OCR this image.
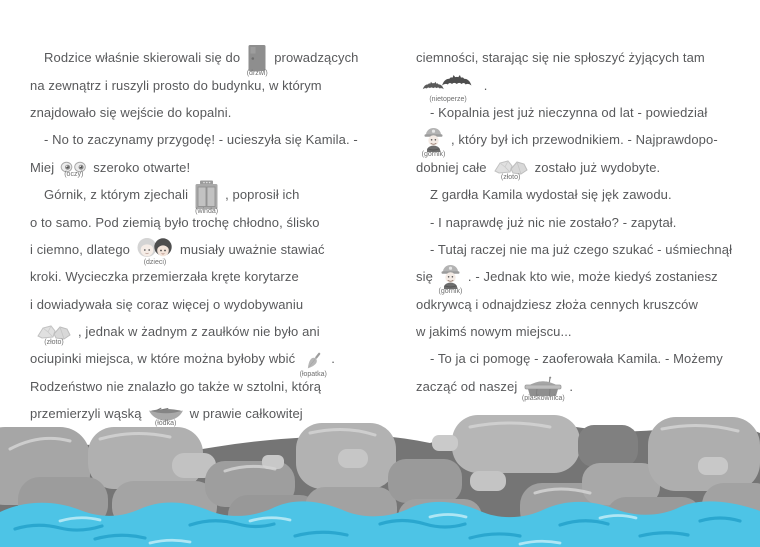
Rodzice właśnie skierowali się do
(drzwi)
prowadzących
na zewnątrz i ruszyli prosto do budynku, w którym
znajdowało się wejście do kopalni.
- No to zaczynamy przygodę! - ucieszyła się Kamila. -
Miej (oczy) szeroko otwarte!
Górnik, z którym zjechali
(winda)
, poprosił ich
o to samo. Pod ziemią było trochę chłodno, ślisko
i ciemno, dlatego
(dzieci)
musiały uważnie stawiać
kroki. Wycieczka przemierzała kręte korytarze
i dowiadywała się coraz więcej o wydobywaniu
(złoto)
, jednak w żadnym z zaułków nie było ani
ociupinki miejsca, w które można byłoby wbić
(łopatka)
.
Rodzeństwo nie znalazło go także w sztolni, którą
przemierzyli wąską
(łódka)
w prawie całkowitej
ciemności, starając się nie spłoszyć żyjących tam
(nietoperze)
.
- Kopalnia jest już nieczynna od lat - powiedział
(górnik)
, który był ich przewodnikiem. - Najprawdopo-
dobniej całe
(złoto)
zostało już wydobyte.
Z gardła Kamila wydostał się jęk zawodu.
- I naprawdę już nic nie zostało? - zapytał.
- Tutaj raczej nie ma już czego szukać - uśmiechnął
się
(górnik)
. - Jednak kto wie, może kiedyś zostaniesz
odkrywcą i odnajdziesz złoża cennych kruszców
w jakimś nowym miejscu...
- To ja ci pomogę - zaoferowała Kamila. - Możemy
zacząć od naszej
(piaskownica)
.
